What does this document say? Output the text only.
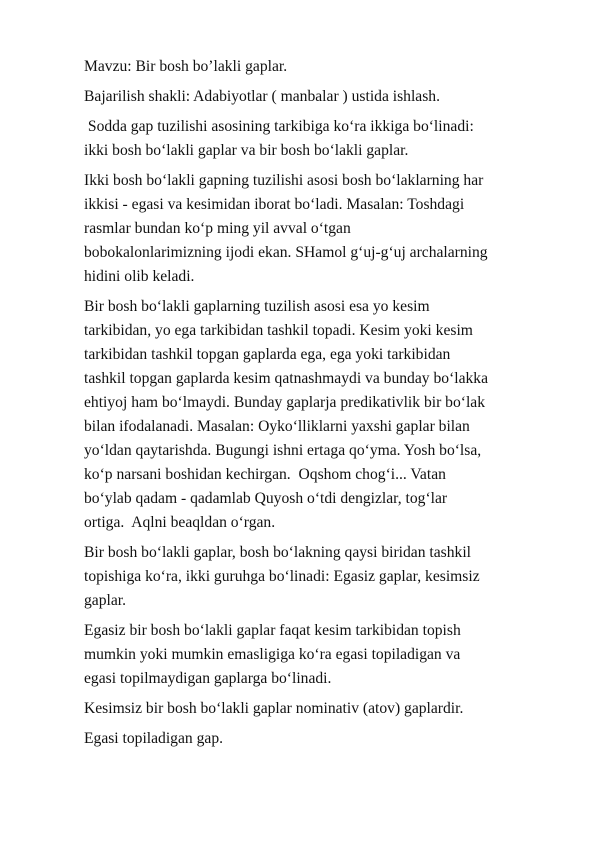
Mavzu: Bir bosh bo’lakli gaplar.

Bajarilish shakli: Adabiyotlar ( manbalar ) ustida ishlash.

Sodda gap tuzilishi asosining tarkibiga ko‘ra ikkiga bo‘linadi:
ikki bosh bo‘lakli gaplar va bir bosh bo‘lakli gaplar.

Ikki bosh bo‘lakli gapning tuzilishi asosi bosh bo‘laklarning har
ikkisi - egasi va kesimidan iborat bo‘ladi. Masalan: Toshdagi
rasmlar bundan ko‘p ming yil avval o‘tgan
bobokalonlarimizning ijodi ekan. SHamol g‘uj-g‘uj archalarning
hidini olib keladi.

Bir bosh bo‘lakli gaplarning tuzilish asosi esa yo kesim
tarkibidan, yo ega tarkibidan tashkil topadi. Kesim yoki kesim
tarkibidan tashkil topgan gaplarda ega, ega yoki tarkibidan
tashkil topgan gaplarda kesim qatnashmaydi va bunday bo‘lakka
ehtiyoj ham bo‘lmaydi. Bunday gaplarja predikativlik bir bo‘lak
bilan ifodalanadi. Masalan: Oyko‘lliklarni yaxshi gaplar bilan
yo‘ldan qaytarishda. Bugungi ishni ertaga qo‘yma. Yosh bo‘lsa,
ko‘p narsani boshidan kechirgan.  Oqshom chog‘i... Vatan
bo‘ylab qadam - qadamlab Quyosh o‘tdi dengizlar, tog‘lar
ortiga.  Aqlni beaqldan o‘rgan.

Bir bosh bo‘lakli gaplar, bosh bo‘lakning qaysi biridan tashkil
topishiga ko‘ra, ikki guruhga bo‘linadi: Egasiz gaplar, kesimsiz
gaplar.

Egasiz bir bosh bo‘lakli gaplar faqat kesim tarkibidan topish
mumkin yoki mumkin emasligiga ko‘ra egasi topiladigan va
egasi topilmaydigan gaplarga bo‘linadi.

Kesimsiz bir bosh bo‘lakli gaplar nominativ (atov) gaplardir.

Egasi topiladigan gap.
